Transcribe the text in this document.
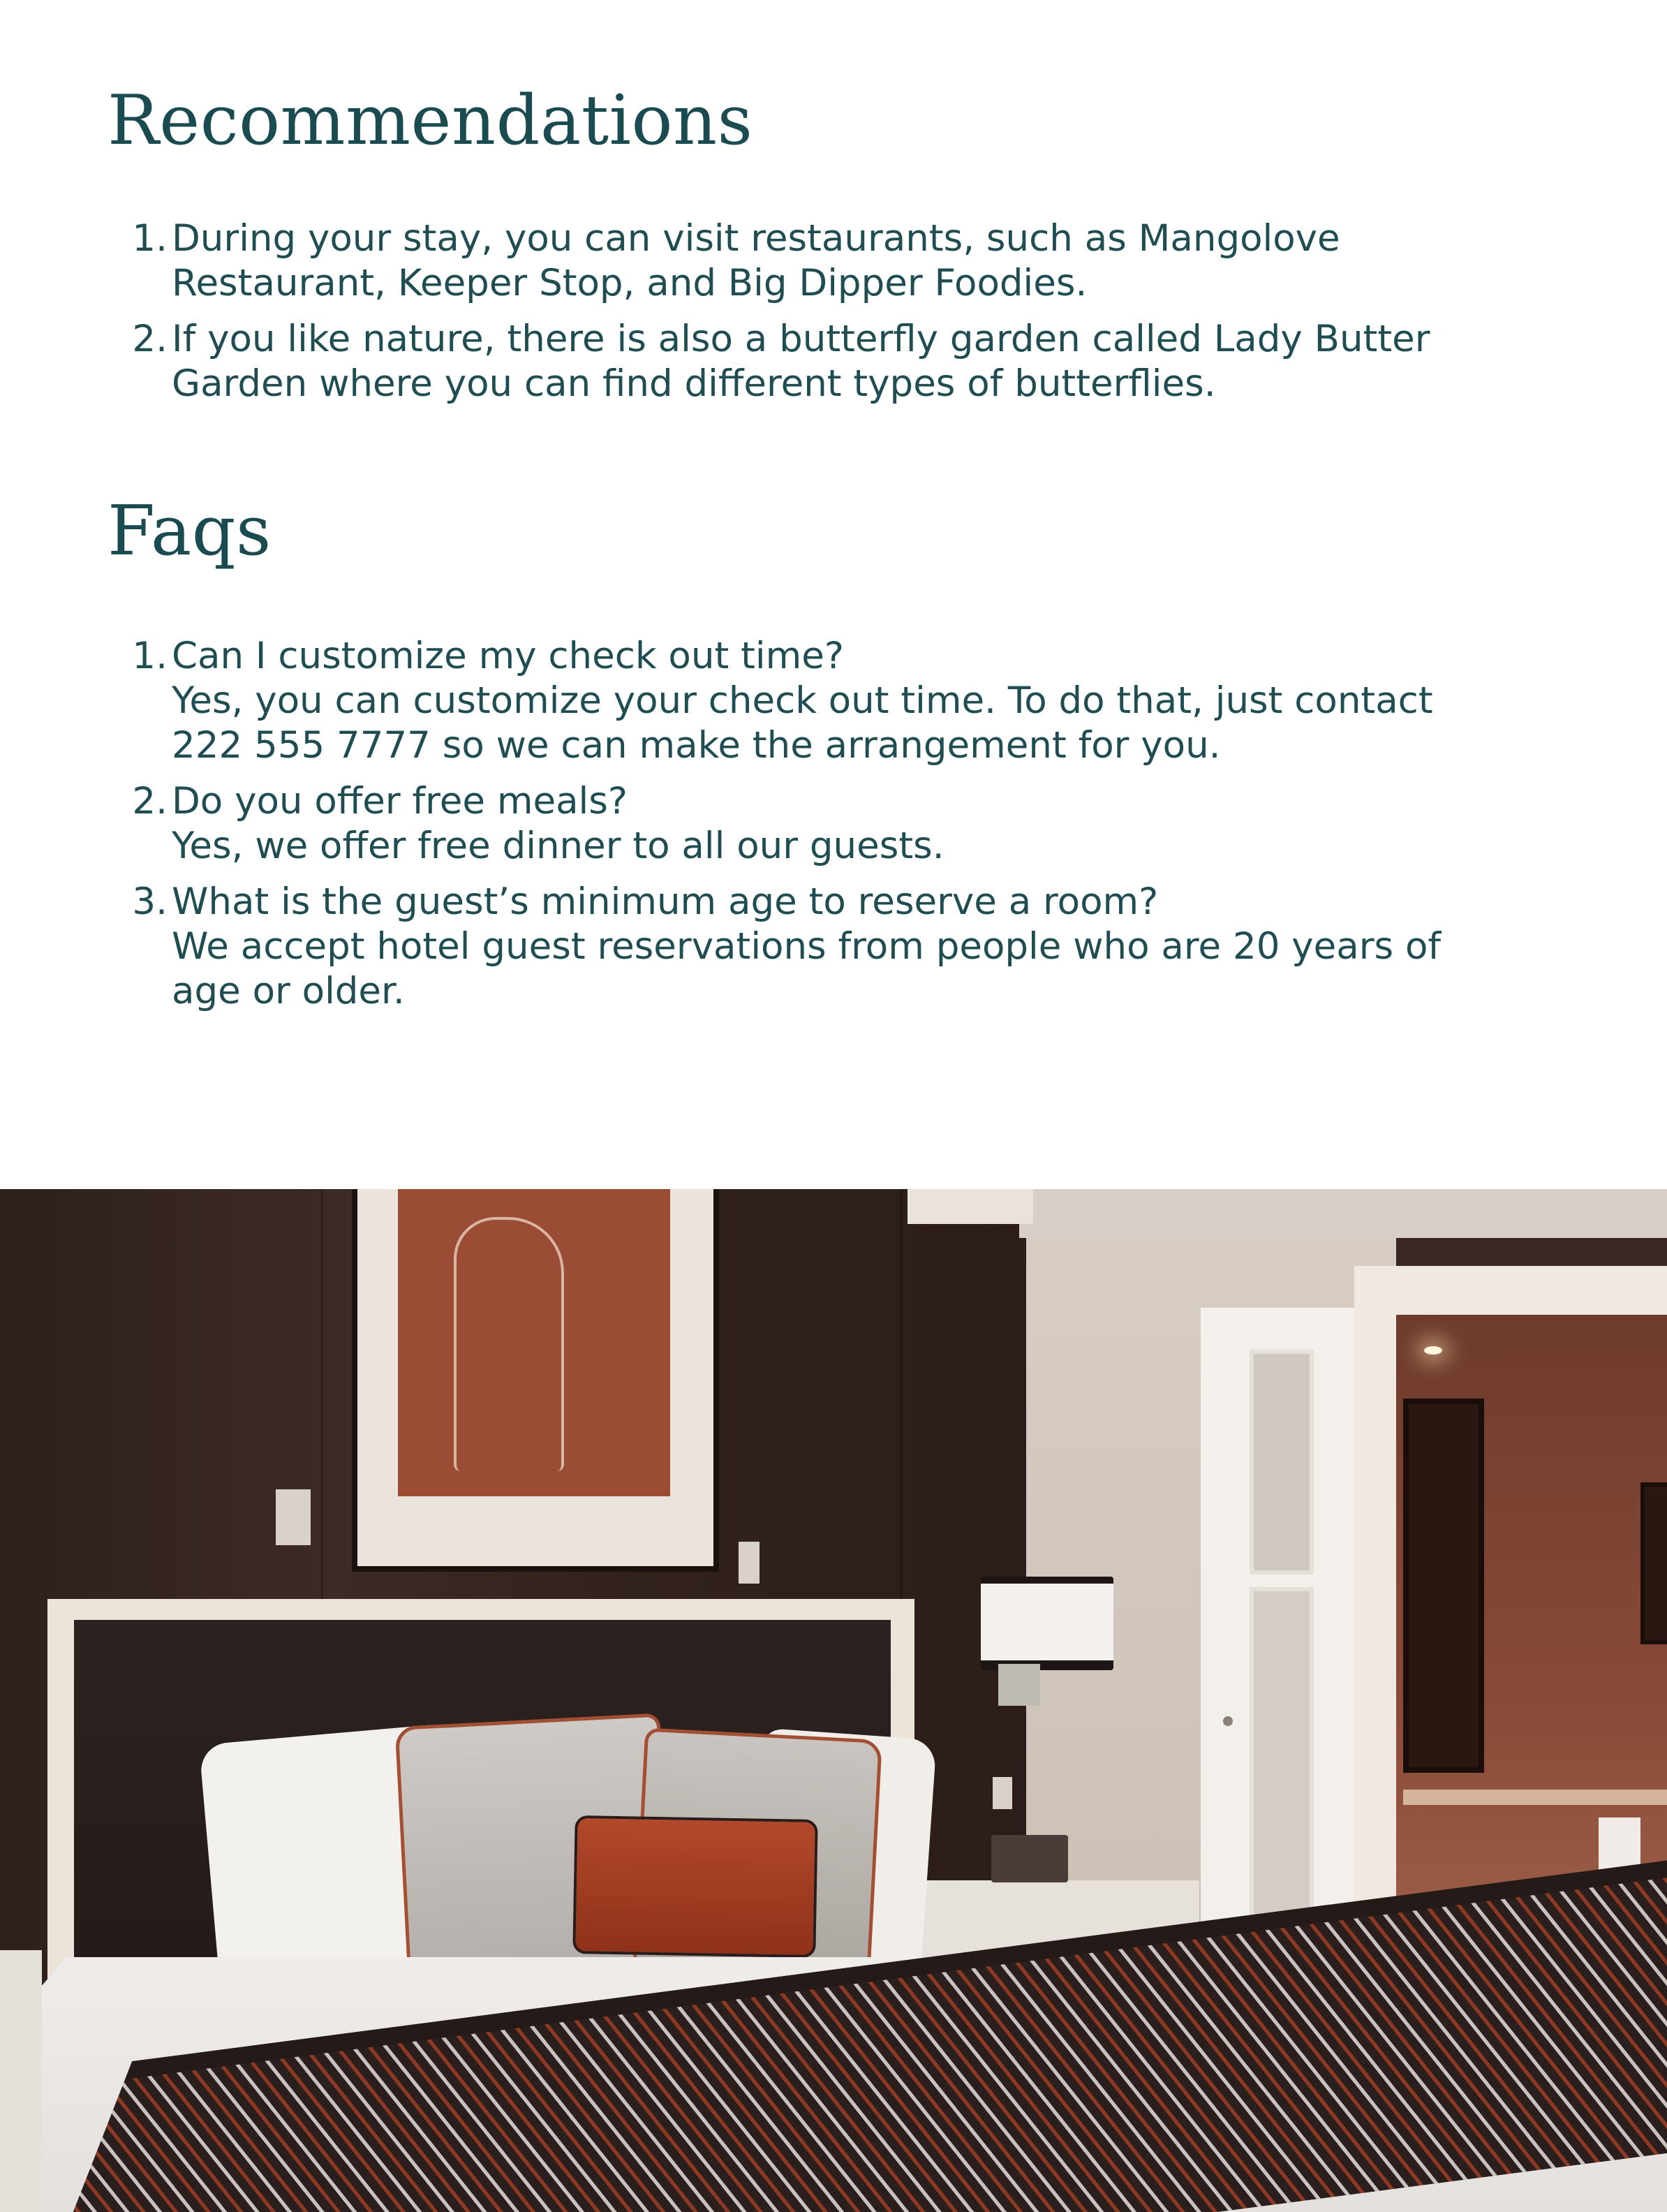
Recommendations
1. During your stay, you can visit restaurants, such as Mangolove
Restaurant, Keeper Stop, and Big Dipper Foodies.
2. If you like nature, there is also a butterfly garden called Lady Butter
Garden where you can find different types of butterflies.
Faqs
1. Can I customize my check out time?
Yes, you can customize your check out time. To do that, just contact
222 555 7777 so we can make the arrangement for you.
2. Do you offer free meals?
Yes, we offer free dinner to all our guests.
3. What is the guest’s minimum age to reserve a room?
We accept hotel guest reservations from people who are 20 years of
age or older.
